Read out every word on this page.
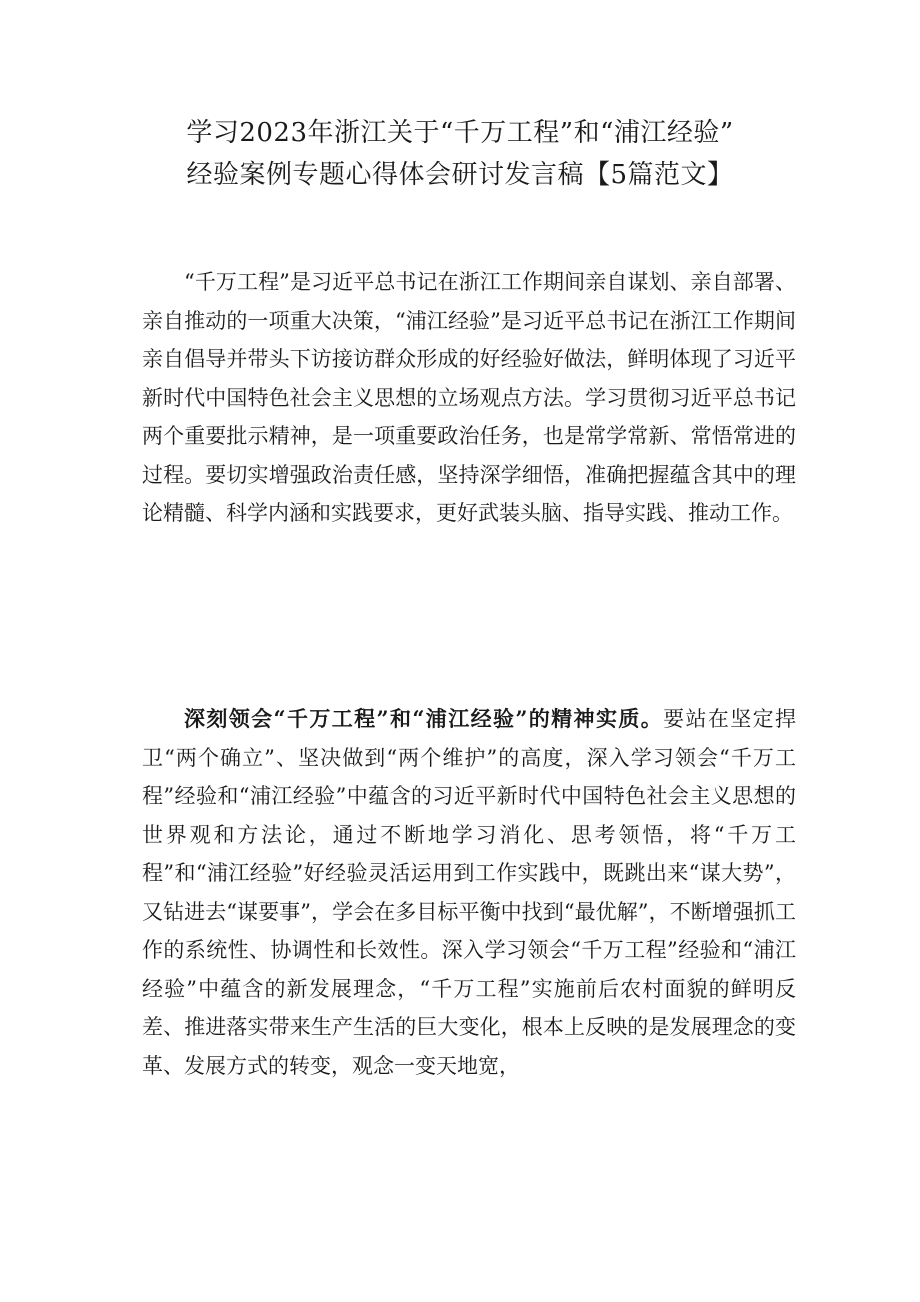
学习2023年浙江关于“千万工程”和“浦江经验”
经验案例专题心得体会研讨发言稿【5篇范文】

“千万工程”是习近平总书记在浙江工作期间亲自谋划、亲自部署、亲自推动的一项重大决策，“浦江经验”是习近平总书记在浙江工作期间亲自倡导并带头下访接访群众形成的好经验好做法，鲜明体现了习近平新时代中国特色社会主义思想的立场观点方法。学习贯彻习近平总书记两个重要批示精神，是一项重要政治任务，也是常学常新、常悟常进的过程。要切实增强政治责任感，坚持深学细悟，准确把握蕴含其中的理论精髓、科学内涵和实践要求，更好武装头脑、指导实践、推动工作。

深刻领会“千万工程”和“浦江经验”的精神实质。要站在坚定捍卫“两个确立”、坚决做到“两个维护”的高度，深入学习领会“千万工程”经验和“浦江经验”中蕴含的习近平新时代中国特色社会主义思想的世界观和方法论，通过不断地学习消化、思考领悟，将“千万工程”和“浦江经验”好经验灵活运用到工作实践中，既跳出来“谋大势”，又钻进去“谋要事”，学会在多目标平衡中找到“最优解”，不断增强抓工作的系统性、协调性和长效性。深入学习领会“千万工程”经验和“浦江经验”中蕴含的新发展理念，“千万工程”实施前后农村面貌的鲜明反差、推进落实带来生产生活的巨大变化，根本上反映的是发展理念的变革、发展方式的转变，观念一变天地宽，
